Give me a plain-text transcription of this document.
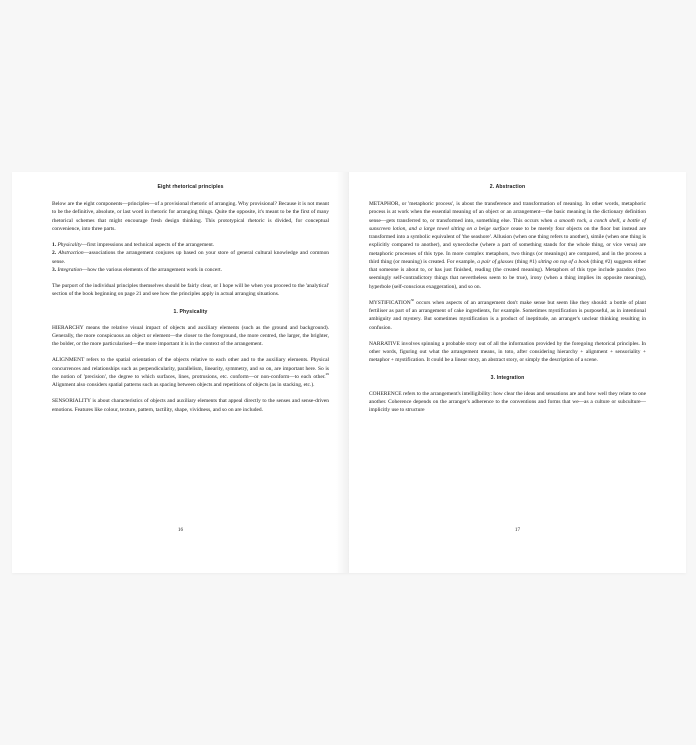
Eight rhetorical principles

Below are the eight components—principles—of a provisional rhetoric of arranging. Why provisional? Because it is not meant to be the definitive, absolute, or last word in rhetoric for arranging things. Quite the opposite, it's meant to be the first of many rhetorical schemes that might encourage fresh design thinking. This prototypical rhetoric is divided, for conceptual convenience, into three parts.

1. Physicality—first impressions and technical aspects of the arrangement.

2. Abstraction—associations the arrangement conjures up based on your store of general cultural knowledge and common sense.

3. Integration—how the various elements of the arrangement work in concert.

The purport of the individual principles themselves should be fairly clear, or I hope will be when you proceed to the 'analytical' section of the book beginning on page 21 and see how the principles apply in actual arranging situations.

1. Physicality

HIERARCHY means the relative visual impact of objects and auxiliary elements (such as the ground and background). Generally, the more conspicuous an object or element—the closer to the foreground, the more centred, the larger, the brighter, the bolder, or the more particularised—the more important it is in the context of the arrangement.

ALIGNMENT refers to the spatial orientation of the objects relative to each other and to the auxiliary elements. Physical concurrences and relationships such as perpendicularity, parallelism, linearity, symmetry, and so on, are important here. So is the notion of 'precision', the degree to which surfaces, lines, protrusions, etc. conform—or non-conform—to each other.$^{29}$ Alignment also considers spatial patterns such as spacing between objects and repetitions of objects (as in stacking, etc.).

SENSORIALITY is about characteristics of objects and auxiliary elements that appeal directly to the senses and sense-driven emotions. Features like colour, texture, pattern, tactility, shape, vividness, and so on are included.

16
2. Abstraction

METAPHOR, or 'metaphoric process', is about the transference and transformation of meaning. In other words, metaphoric process is at work when the essential meaning of an object or an arrangement—the basic meaning in the dictionary definition sense—gets transferred to, or transformed into, something else. This occurs when a smooth rock, a conch shell, a bottle of sunscreen lotion, and a large towel sitting on a beige surface cease to be merely four objects on the floor but instead are transformed into a symbolic equivalent of 'the seashore'. Allusion (when one thing refers to another), simile (when one thing is explicitly compared to another), and synecdoche (where a part of something stands for the whole thing, or vice versa) are metaphoric processes of this type. In more complex metaphors, two things (or meanings) are compared, and in the process a third thing (or meaning) is created. For example, a pair of glasses (thing #1) sitting on top of a book (thing #2) suggests either that someone is about to, or has just finished, reading (the created meaning). Metaphors of this type include paradox (two seemingly self-contradictory things that nevertheless seem to be true), irony (when a thing implies its opposite meaning), hyperbole (self-conscious exaggeration), and so on.

MYSTIFICATION$^{30}$ occurs when aspects of an arrangement don't make sense but seem like they should: a bottle of plant fertiliser as part of an arrangement of cake ingredients, for example. Sometimes mystification is purposeful, as in intentional ambiguity and mystery. But sometimes mystification is a product of ineptitude, an arranger's unclear thinking resulting in confusion.

NARRATIVE involves spinning a probable story out of all the information provided by the foregoing rhetorical principles. In other words, figuring out what the arrangement means, in toto, after considering hierarchy + alignment + sensoriality + metaphor + mystification. It could be a linear story, an abstract story, or simply the description of a scene.

3. Integration

COHERENCE refers to the arrangement's intelligibility: how clear the ideas and sensations are and how well they relate to one another. Coherence depends on the arranger's adherence to the conventions and forms that we—as a culture or subculture—implicitly use to structure

17
